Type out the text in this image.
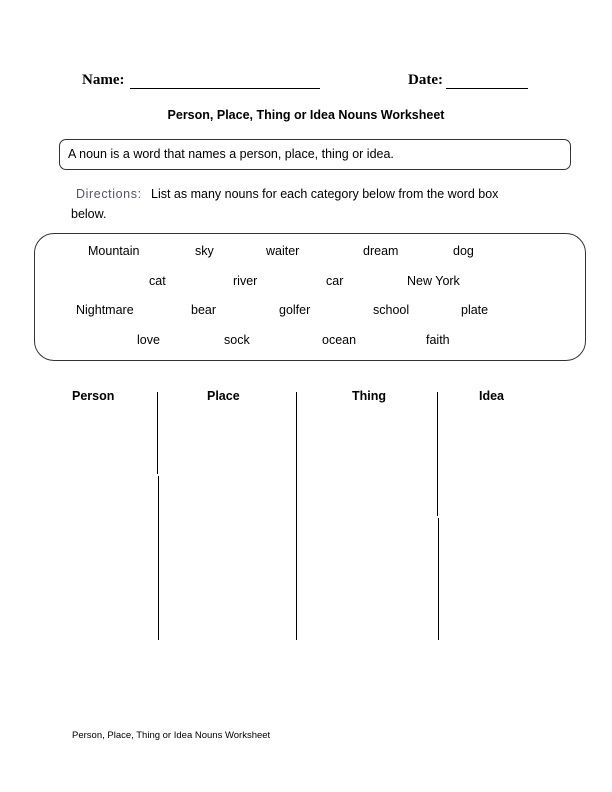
Name:	Date:
Person, Place, Thing or Idea Nouns Worksheet
A noun is a word that names a person, place, thing or idea.
Directions: List as many nouns for each category below from the word box
below.
Mountain	sky	waiter	dream	dog
cat	river	car	New York
Nightmare	bear	golfer	school	plate
love	sock	ocean	faith
Person	Place	Thing	Idea
Person, Place, Thing or Idea Nouns Worksheet
